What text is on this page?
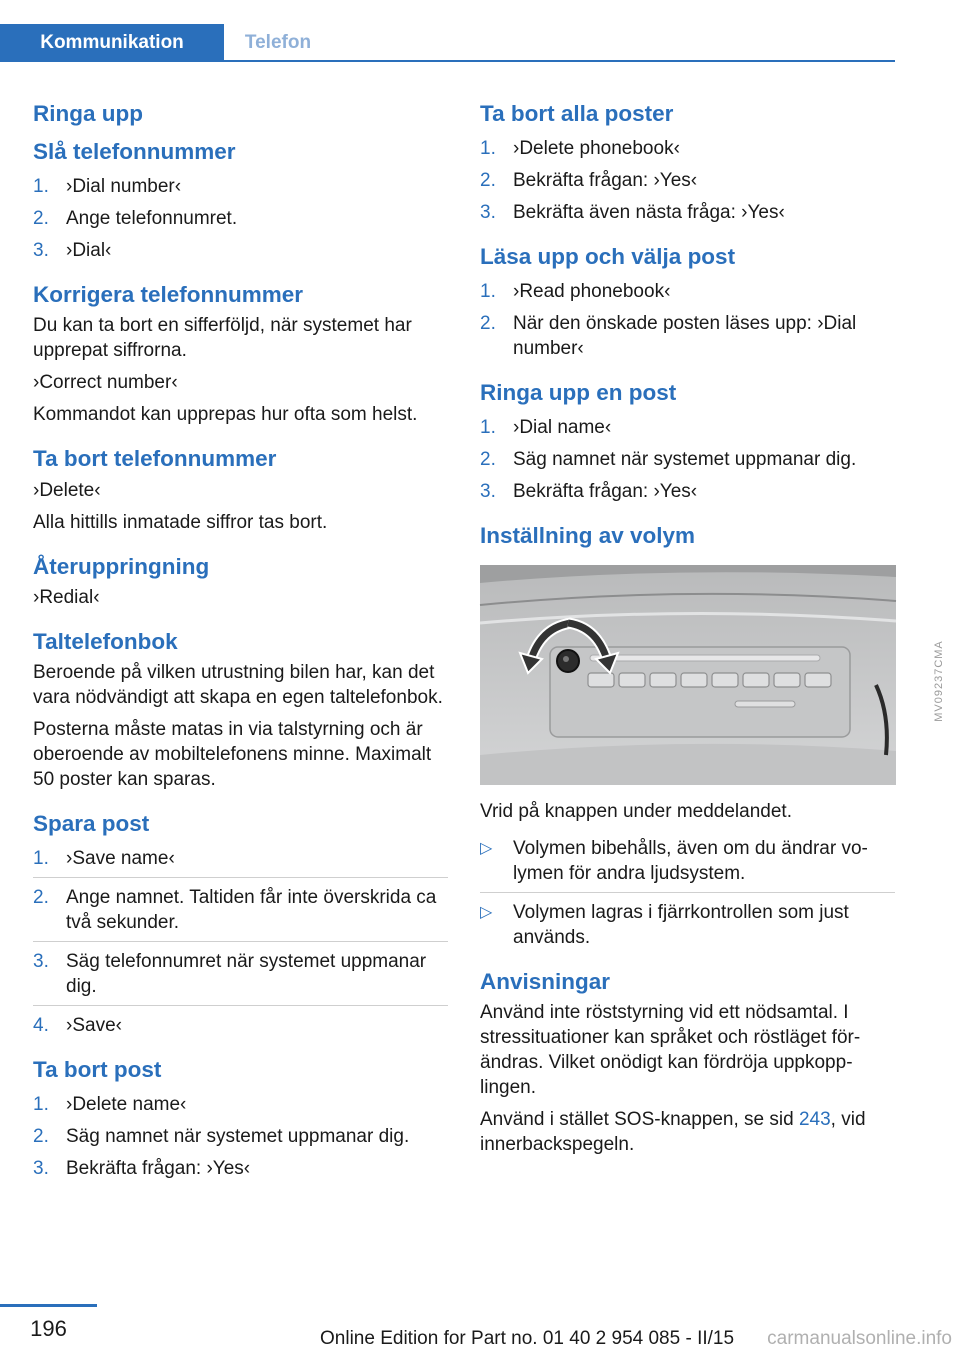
Kommunikation	Telefon
Ringa upp
Slå telefonnummer
1. ›Dial number‹
2. Ange telefonnumret.
3. ›Dial‹
Korrigera telefonnummer

Du kan ta bort en sifferföljd, när systemet har upprepat siffrorna.

›Correct number‹

Kommandot kan upprepas hur ofta som helst.

Ta bort telefonnummer

›Delete‹

Alla hittills inmatade siffror tas bort.

Återuppringning

›Redial‹

Taltelefonbok

Beroende på vilken utrustning bilen har, kan det vara nödvändigt att skapa en egen taltelefonbok.

Posterna måste matas in via talstyrning och är oberoende av mobiltelefonens minne. Maximalt 50 poster kan sparas.

Spara post
1. ›Save name‹
2. Ange namnet. Taltiden får inte överskrida ca två sekunder.
3. Säg telefonnumret när systemet uppmanar dig.
4. ›Save‹
Ta bort post
1. ›Delete name‹
2. Säg namnet när systemet uppmanar dig.
3. Bekräfta frågan: ›Yes‹
Ta bort alla poster
1. ›Delete phonebook‹
2. Bekräfta frågan: ›Yes‹
3. Bekräfta även nästa fråga: ›Yes‹
Läsa upp och välja post
1. ›Read phonebook‹
2. När den önskade posten läses upp: ›Dial number‹
Ringa upp en post
1. ›Dial name‹
2. Säg namnet när systemet uppmanar dig.
3. Bekräfta frågan: ›Yes‹
Inställning av volym
MV09237CMA

Vrid på knappen under meddelandet.

▷ Volymen bibehålls, även om du ändrar volymen för andra ljudsystem.
▷ Volymen lagras i fjärrkontrollen som just används.
Anvisningar

Använd inte röststyrning vid ett nödsamtal. I stressituationer kan språket och röstläget förändras. Vilket onödigt kan fördröja uppkopplingen.

Använd i stället SOS-knappen, se sid 243, vid innerbackspegeln.

196	Online Edition for Part no. 01 40 2 954 085 - II/15 carmanualsonline.info
